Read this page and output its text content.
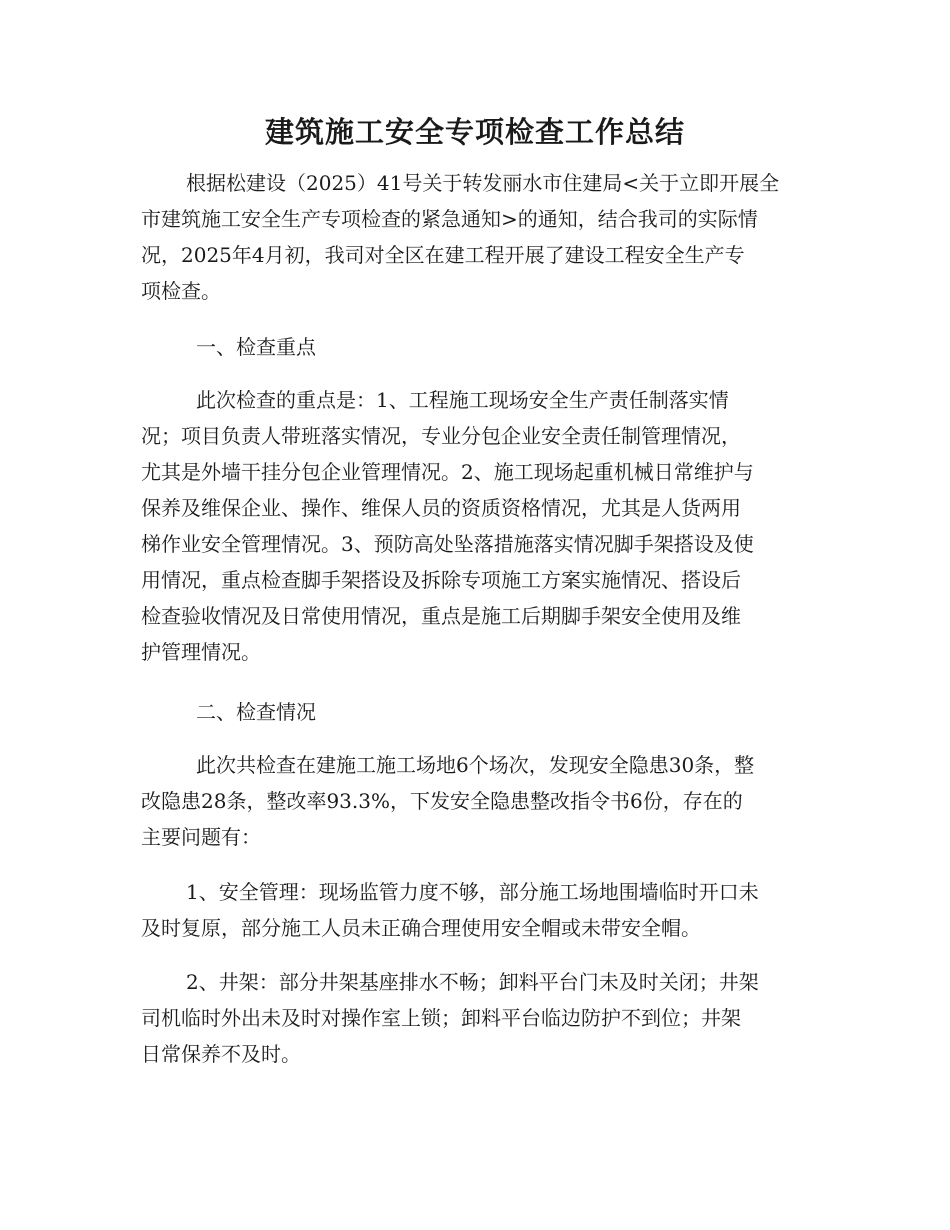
建筑施工安全专项检查工作总结
根据松建设（2025）41号关于转发丽水市住建局<关于立即开展全
市建筑施工安全生产专项检查的紧急通知>的通知，结合我司的实际情
况，2025年4月初，我司对全区在建工程开展了建设工程安全生产专
项检查。
一、检查重点
此次检查的重点是：1、工程施工现场安全生产责任制落实情
况；项目负责人带班落实情况，专业分包企业安全责任制管理情况，
尤其是外墙干挂分包企业管理情况。2、施工现场起重机械日常维护与
保养及维保企业、操作、维保人员的资质资格情况，尤其是人货两用
梯作业安全管理情况。3、预防高处坠落措施落实情况脚手架搭设及使
用情况，重点检查脚手架搭设及拆除专项施工方案实施情况、搭设后
检查验收情况及日常使用情况，重点是施工后期脚手架安全使用及维
护管理情况。
二、检查情况
此次共检查在建施工施工场地6个场次，发现安全隐患30条，整
改隐患28条，整改率93.3%，下发安全隐患整改指令书6份，存在的
主要问题有：
1、安全管理：现场监管力度不够，部分施工场地围墙临时开口未
及时复原，部分施工人员未正确合理使用安全帽或未带安全帽。
2、井架：部分井架基座排水不畅；卸料平台门未及时关闭；井架
司机临时外出未及时对操作室上锁；卸料平台临边防护不到位；井架
日常保养不及时。
